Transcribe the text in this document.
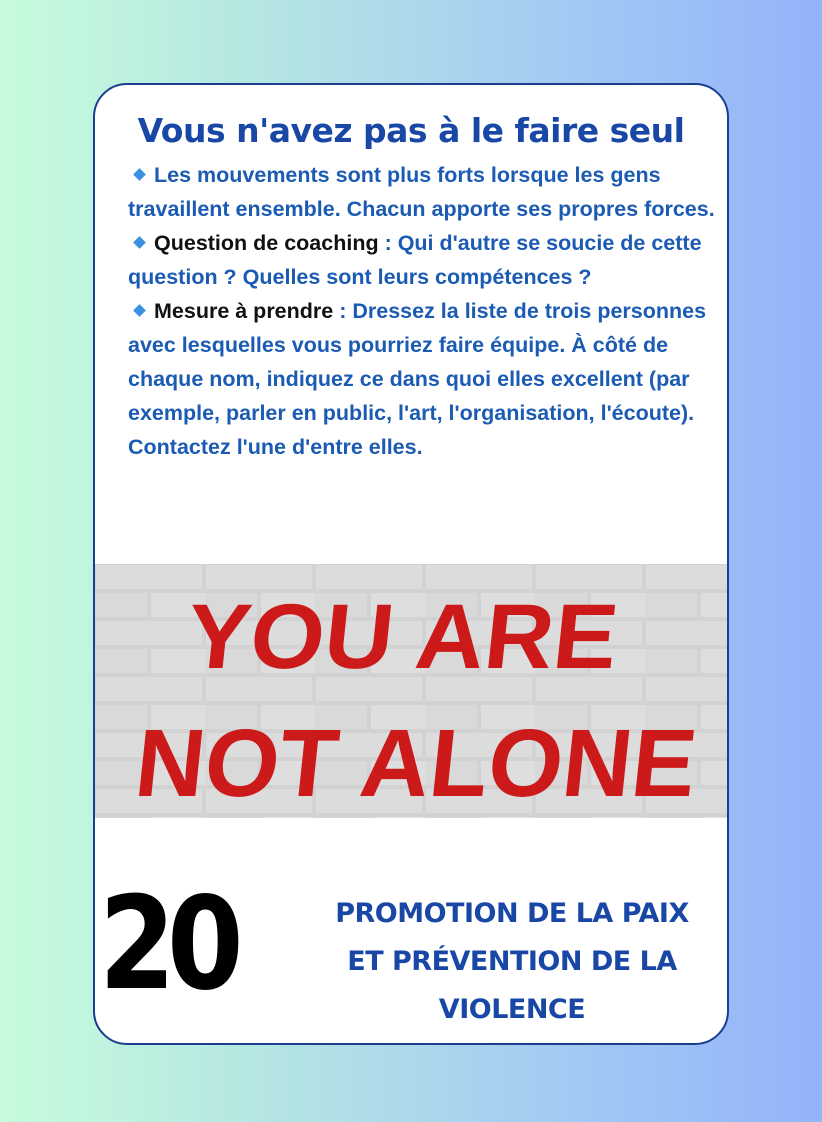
Vous n'avez pas à le faire seul

Les mouvements sont plus forts lorsque les gens travaillent ensemble. Chacun apporte ses propres forces.

Question de coaching : Qui d'autre se soucie de cette question ? Quelles sont leurs compétences ?

Mesure à prendre : Dressez la liste de trois personnes avec lesquelles vous pourriez faire équipe. À côté de chaque nom, indiquez ce dans quoi elles excellent (par exemple, parler en public, l'art, l'organisation, l'écoute). Contactez l'une d'entre elles.

YOU ARE
NOT ALONE
20	PROMOTION DE LA PAIX
ET PRÉVENTION DE LA
VIOLENCE
